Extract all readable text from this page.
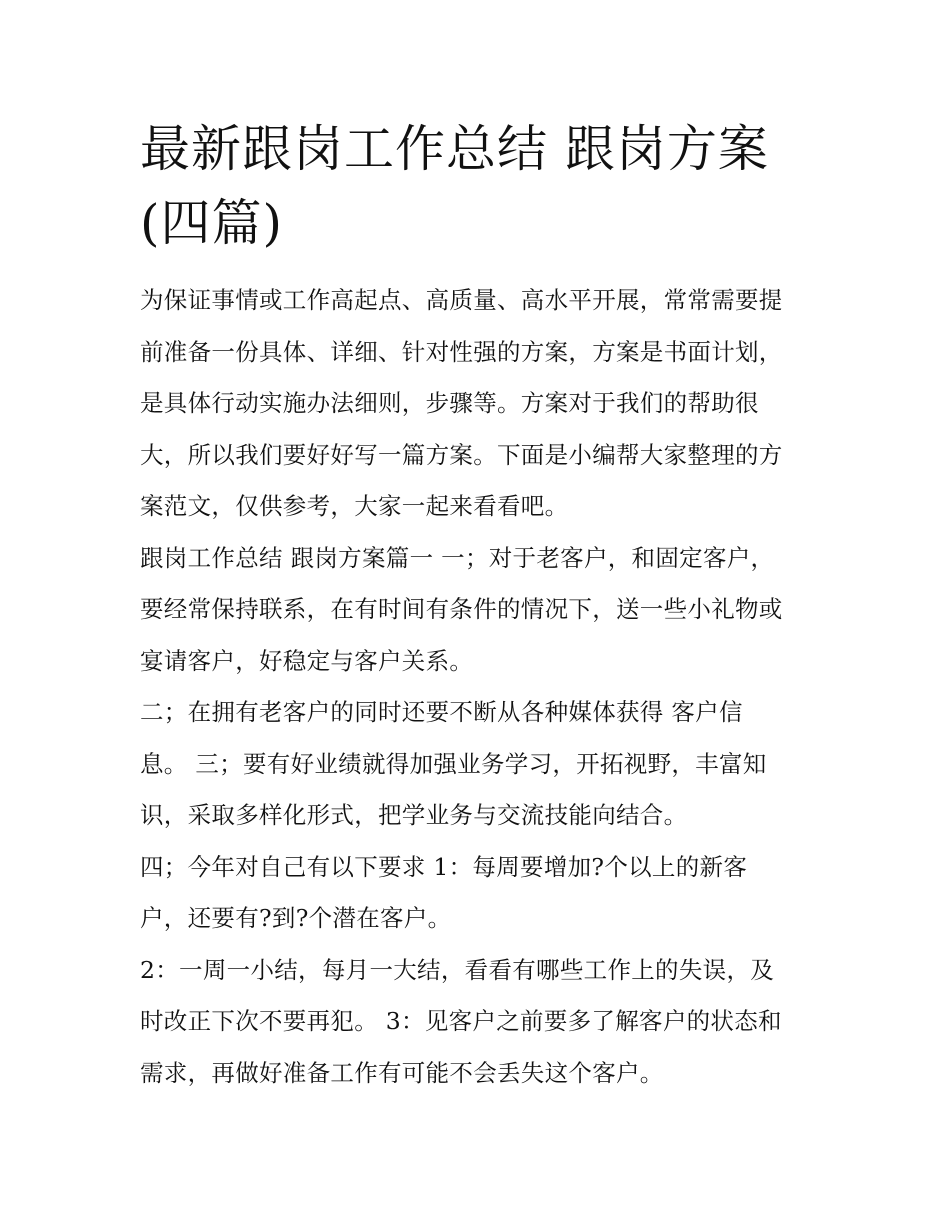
最新跟岗工作总结 跟岗方案
(四篇)
为保证事情或工作高起点、高质量、高水平开展，常常需要提
前准备一份具体、详细、针对性强的方案，方案是书面计划，
是具体行动实施办法细则，步骤等。方案对于我们的帮助很
大，所以我们要好好写一篇方案。下面是小编帮大家整理的方
案范文，仅供参考，大家一起来看看吧。
跟岗工作总结 跟岗方案篇一 一；对于老客户，和固定客户，
要经常保持联系，在有时间有条件的情况下，送一些小礼物或
宴请客户，好稳定与客户关系。
二；在拥有老客户的同时还要不断从各种媒体获得 客户信
息。 三；要有好业绩就得加强业务学习，开拓视野，丰富知
识，采取多样化形式，把学业务与交流技能向结合。
四；今年对自己有以下要求 1：每周要增加?个以上的新客
户，还要有?到?个潜在客户。
2：一周一小结，每月一大结，看看有哪些工作上的失误，及
时改正下次不要再犯。 3：见客户之前要多了解客户的状态和
需求，再做好准备工作有可能不会丢失这个客户。
